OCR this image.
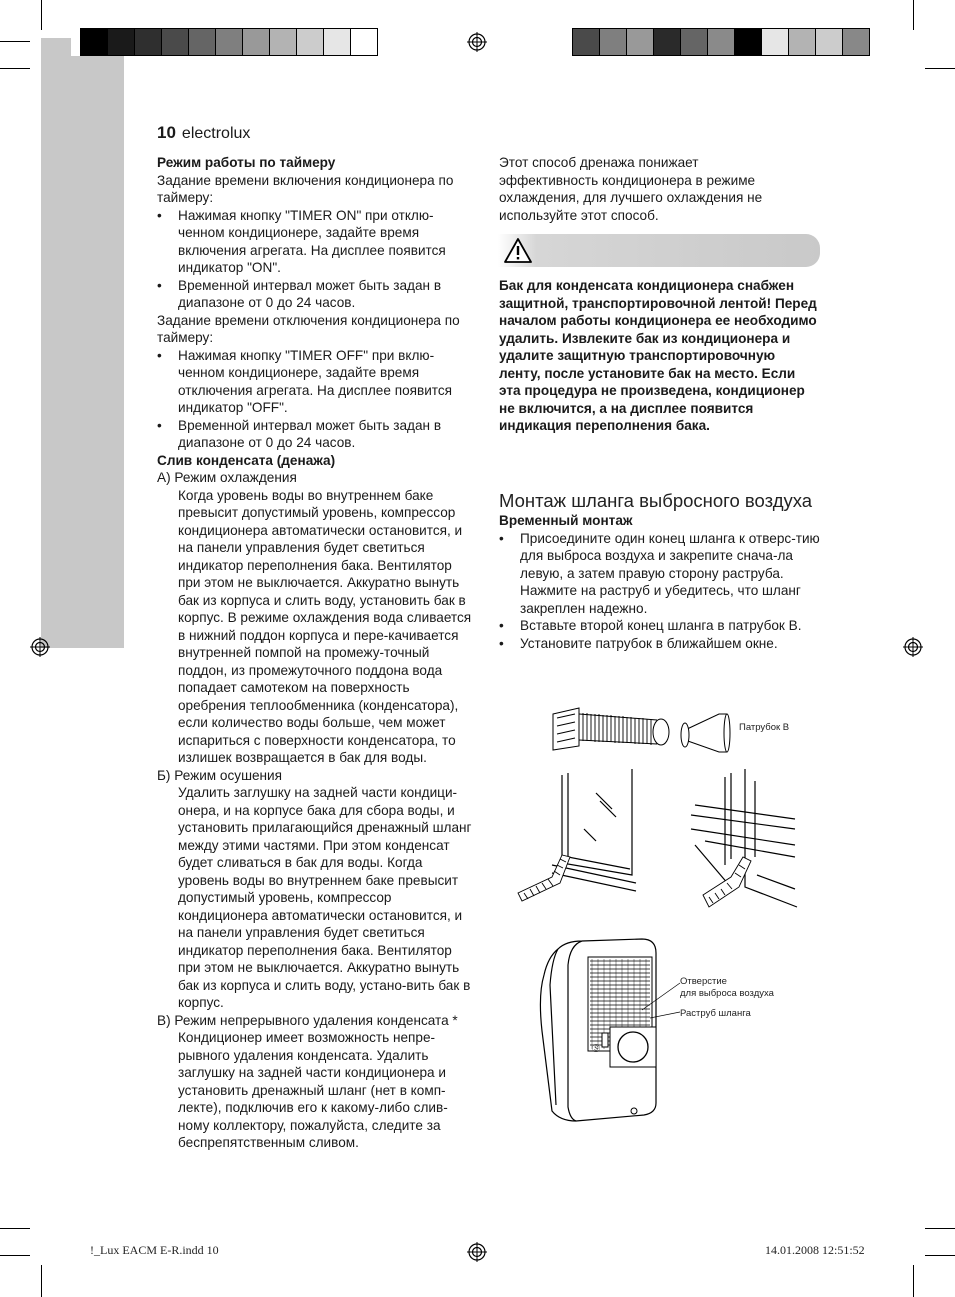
10 electrolux

Режим работы по таймеру

Задание времени включения кондиционера по таймеру:

• Нажимая кнопку "TIMER ON" при отклю-ченном кондиционере, задайте время включения агрегата. На дисплее появится индикатор "ON".
• Временной интервал может быть задан в диапазоне от 0 до 24 часов.

Задание времени отключения кондиционера по таймеру:

• Нажимая кнопку "TIMER OFF" при вклю-ченном кондиционере, задайте время отключения агрегата. На дисплее появится индикатор "OFF".
• Временной интервал может быть задан в диапазоне от 0 до 24 часов.

Слив конденсата (денажа)

А) Режим охлаждения

Когда уровень воды во внутреннем баке превысит допустимый уровень, компрессор кондиционера автоматически остановится, и на панели управления будет светиться индикатор переполнения бака. Вентилятор при этом не выключается. Аккуратно вынуть бак из корпуса и слить воду, установить бак в корпус. В режиме охлаждения вода сливается в нижний поддон корпуса и пере-качивается внутренней помпой на промежу-точный поддон, из промежуточного поддона вода попадает самотеком на поверхность оребрения теплообменника (конденсатора), если количество воды больше, чем может испариться с поверхности конденсатора, то излишек возвращается в бак для воды.

Б) Режим осушения

Удалить заглушку на задней части кондици-онера, и на корпусе бака для сбора воды, и установить прилагающийся дренажный шланг между этими частями. При этом конденсат будет сливаться в бак для воды. Когда уровень воды во внутреннем баке превысит допустимый уровень, компрессор кондиционера автоматически остановится, и на панели управления будет светиться индикатор переполнения бака. Вентилятор при этом не выключается. Аккуратно вынуть бак из корпуса и слить воду, устано-вить бак в корпус.

В) Режим непрерывного удаления конденсата *

Кондиционер имеет возможность непре-рывного удаления конденсата. Удалить заглушку на задней части кондиционера и установить дренажный шланг (нет в комп-лекте), подключив его к какому-либо слив-ному коллектору, пожалуйста, следите за беспрепятственным сливом.

Этот способ дренажа понижает эффективность кондиционера в режиме охлаждения, для лучшего охлаждения не используйте этот способ.

Бак для конденсата кондиционера снабжен защитной, транспортировочной лентой! Перед началом работы кондиционера ее необходимо удалить. Извлеките бак из кондиционера и удалите защитную транспортировочную ленту, после установите бак на место. Если эта процедура не произведена, кондиционер не включится, а на дисплее появится индикация переполнения бака.

Монтаж шланга выбросного воздуха

Временный монтаж

• Присоедините один конец шланга к отверс-тию для выброса воздуха и закрепите снача-ла левую, а затем правую сторону раструба. Нажмите на раструб и убедитесь, что шланг закреплен надежно.
• Вставьте второй конец шланга в патрубок В.
• Установите патрубок в ближайшем окне.
Патрубок В
Ⓢ
Отверстие
для выброса воздуха
Раструб шланга
!_Lux EACM E-R.indd 10	14.01.2008 12:51:52
